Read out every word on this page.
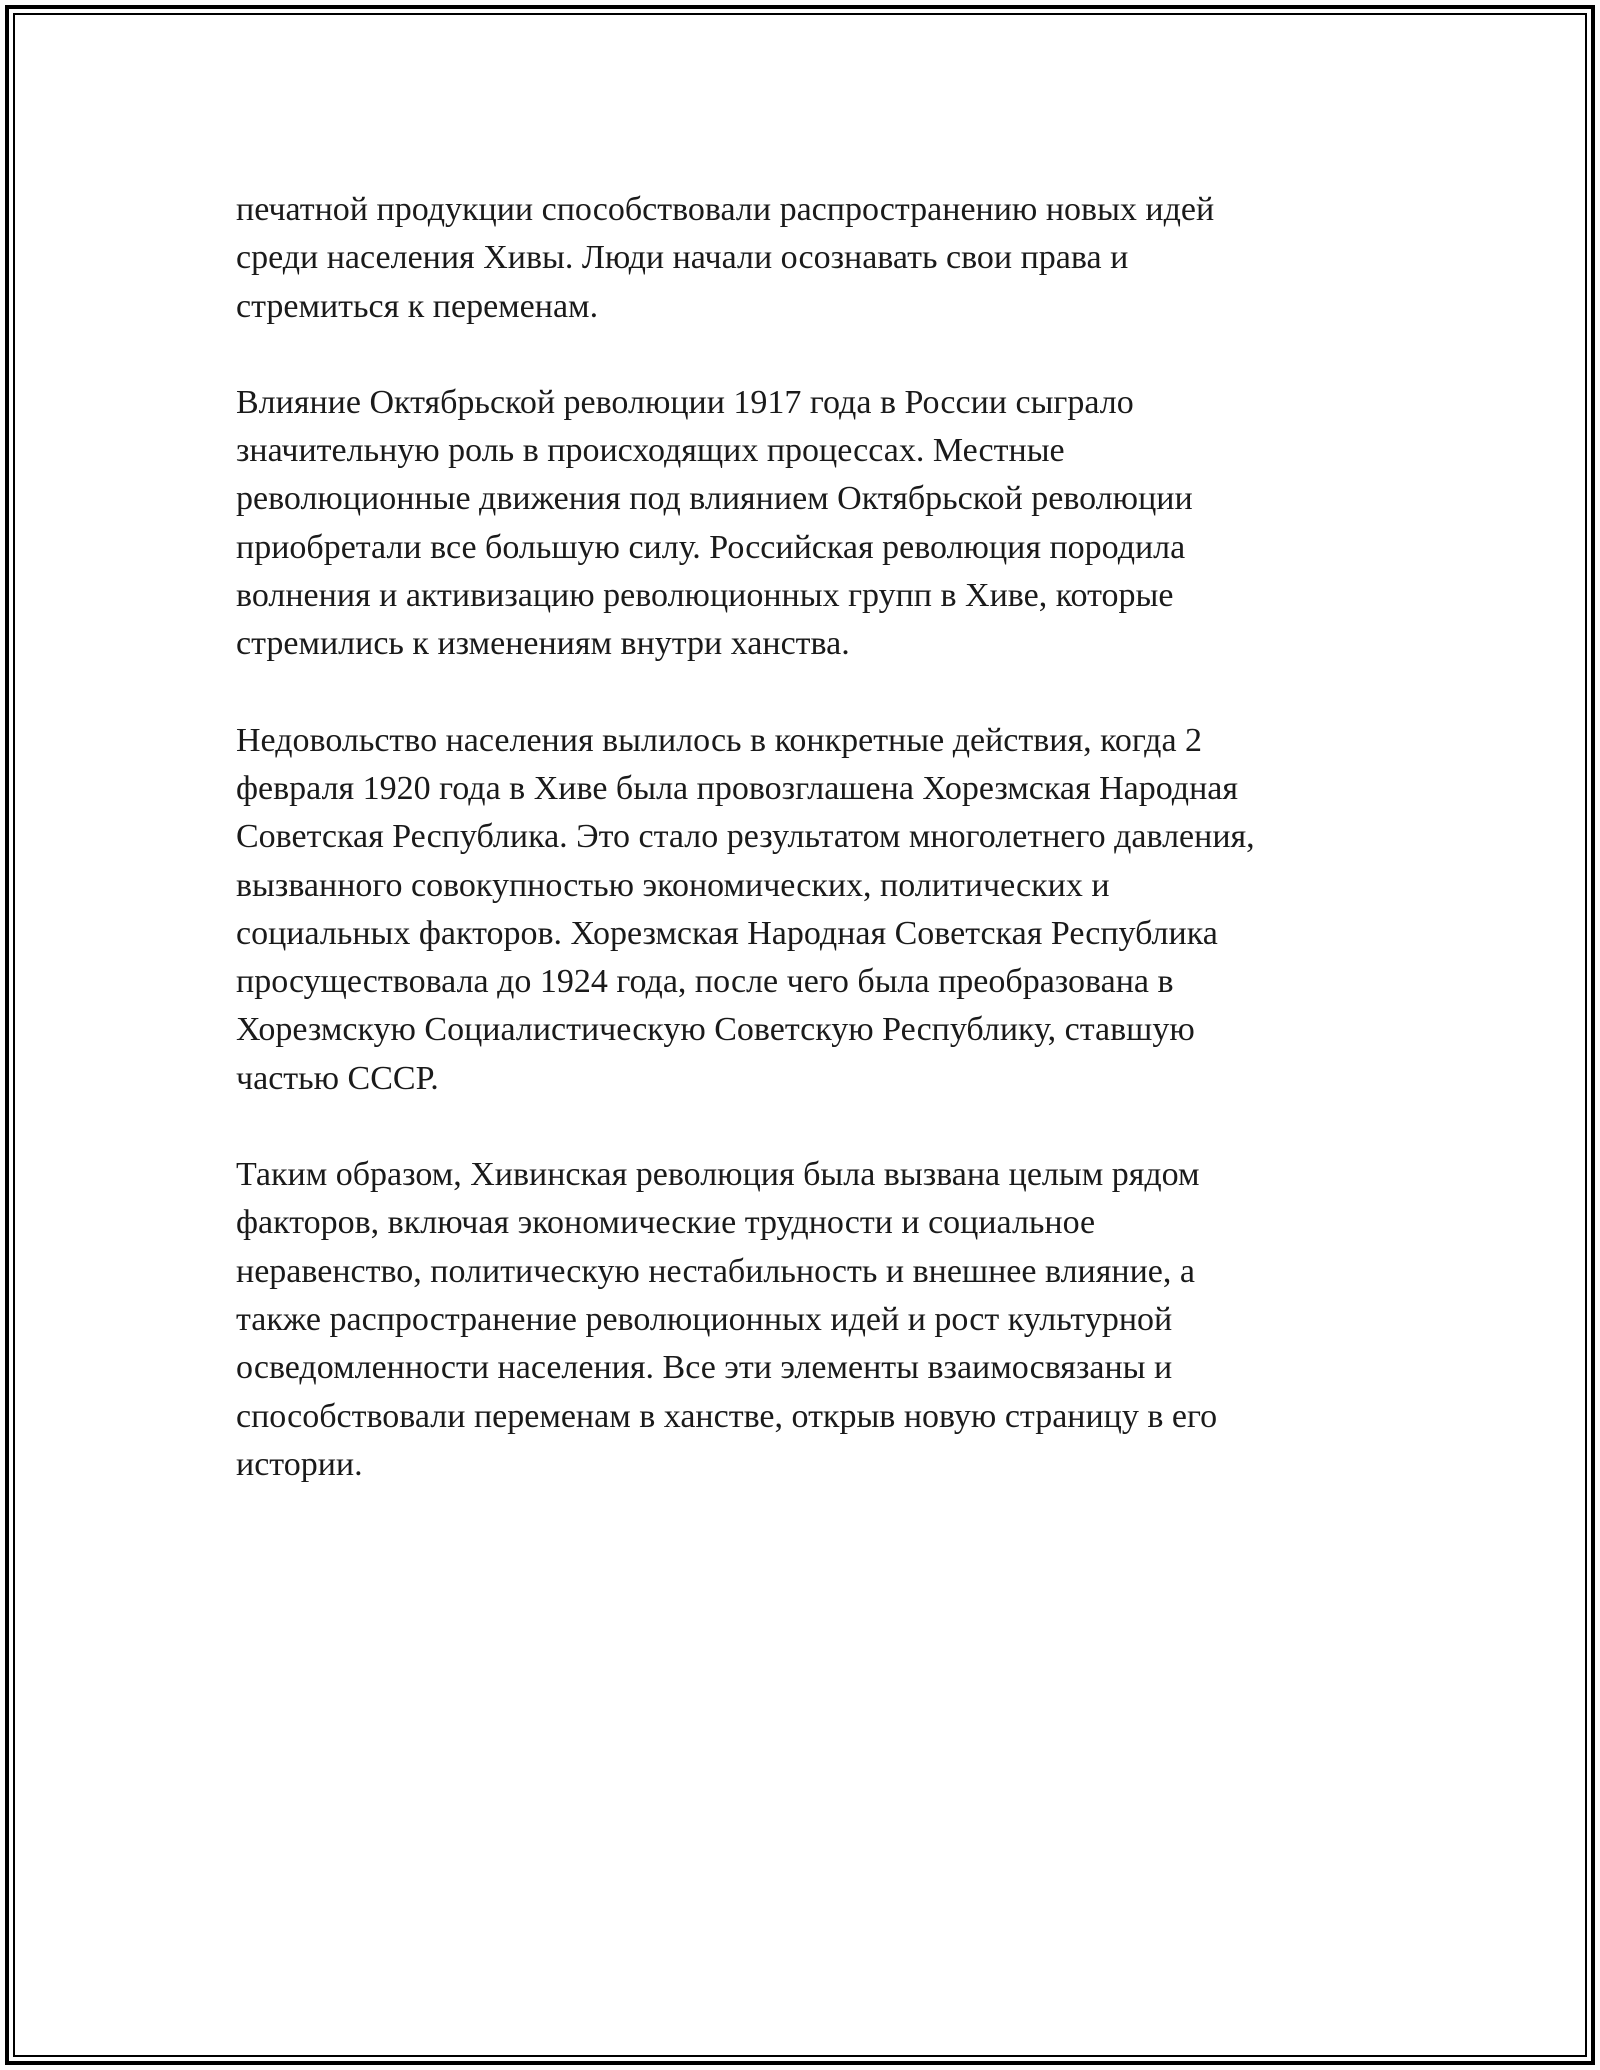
печатной продукции способствовали распространению новых идей
среди населения Хивы. Люди начали осознавать свои права и
стремиться к переменам.

Влияние Октябрьской революции 1917 года в России сыграло
значительную роль в происходящих процессах. Местные
революционные движения под влиянием Октябрьской революции
приобретали все большую силу. Российская революция породила
волнения и активизацию революционных групп в Хиве, которые
стремились к изменениям внутри ханства.

Недовольство населения вылилось в конкретные действия, когда 2
февраля 1920 года в Хиве была провозглашена Хорезмская Народная
Советская Республика. Это стало результатом многолетнего давления,
вызванного совокупностью экономических, политических и
социальных факторов. Хорезмская Народная Советская Республика
просуществовала до 1924 года, после чего была преобразована в
Хорезмскую Социалистическую Советскую Республику, ставшую
частью СССР.

Таким образом, Хивинская революция была вызвана целым рядом
факторов, включая экономические трудности и социальное
неравенство, политическую нестабильность и внешнее влияние, а
также распространение революционных идей и рост культурной
осведомленности населения. Все эти элементы взаимосвязаны и
способствовали переменам в ханстве, открыв новую страницу в его
истории.
